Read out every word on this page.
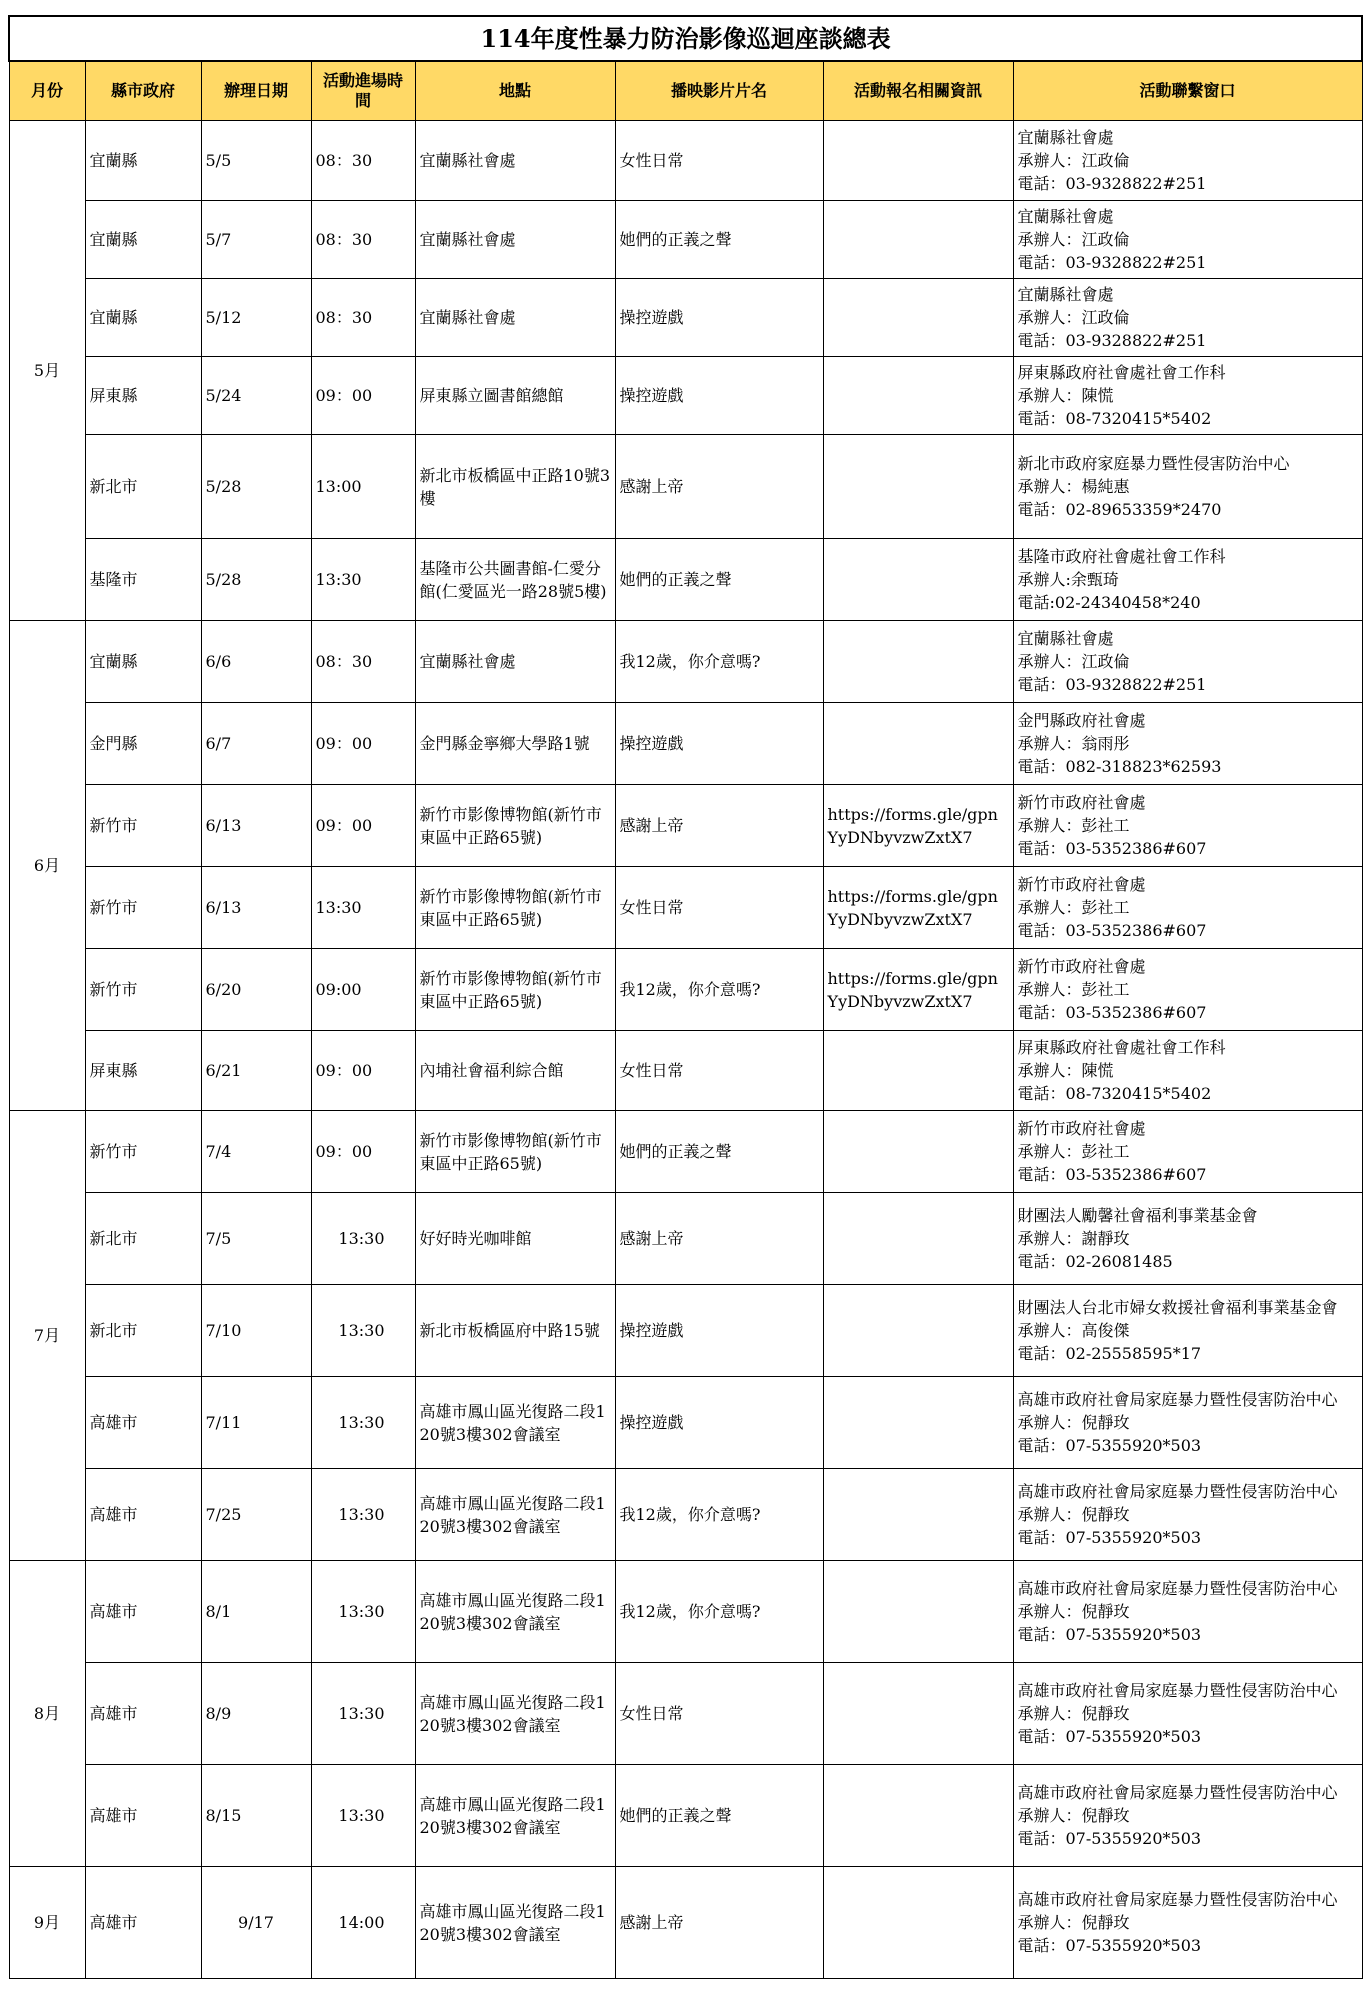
114年度性暴力防治影像巡迴座談總表							
月份	縣市政府	辦理日期	活動進場時間	地點	播映影片片名	活動報名相關資訊	活動聯繫窗口
5月	宜蘭縣	5/5	08：30	宜蘭縣社會處	女性日常		宜蘭縣社會處
承辦人：江政倫
電話：03-9328822#251

	宜蘭縣	5/7	08：30	宜蘭縣社會處	她們的正義之聲		宜蘭縣社會處
承辦人：江政倫
電話：03-9328822#251

	宜蘭縣	5/12	08：30	宜蘭縣社會處	操控遊戲		宜蘭縣社會處
承辦人：江政倫
電話：03-9328822#251

	屏東縣	5/24	09：00	屏東縣立圖書館總館	操控遊戲		屏東縣政府社會處社會工作科
承辦人：陳慌
電話：08-7320415*5402

	新北市	5/28	13:00	新北市板橋區中正路10號3樓	感謝上帝		新北市政府家庭暴力暨性侵害防治中心
承辦人：楊純惠
電話：02-89653359*2470

	基隆市	5/28	13:30	基隆市公共圖書館-仁愛分館(仁愛區光一路28號5樓)	她們的正義之聲		基隆市政府社會處社會工作科
承辦人:余甄琦
電話:02-24340458*240

6月	宜蘭縣	6/6	08：30	宜蘭縣社會處	我12歲，你介意嗎?		宜蘭縣社會處
承辦人：江政倫
電話：03-9328822#251

	金門縣	6/7	09：00	金門縣金寧鄉大學路1號	操控遊戲		金門縣政府社會處
承辦人：翁雨彤
電話：082-318823*62593

	新竹市	6/13	09：00	新竹市影像博物館(新竹市東區中正路65號)	感謝上帝	https://forms.gle/gpnYyDNbyvzwZxtX7	新竹市政府社會處
承辦人：彭社工
電話：03-5352386#607

	新竹市	6/13	13:30	新竹市影像博物館(新竹市東區中正路65號)	女性日常	https://forms.gle/gpnYyDNbyvzwZxtX7	新竹市政府社會處
承辦人：彭社工
電話：03-5352386#607

	新竹市	6/20	09:00	新竹市影像博物館(新竹市東區中正路65號)	我12歲，你介意嗎?	https://forms.gle/gpnYyDNbyvzwZxtX7	新竹市政府社會處
承辦人：彭社工
電話：03-5352386#607

	屏東縣	6/21	09：00	內埔社會福利綜合館	女性日常		屏東縣政府社會處社會工作科
承辦人：陳慌
電話：08-7320415*5402

7月	新竹市	7/4	09：00	新竹市影像博物館(新竹市東區中正路65號)	她們的正義之聲		新竹市政府社會處
承辦人：彭社工
電話：03-5352386#607

	新北市	7/5	13:30	好好時光咖啡館	感謝上帝		財團法人勵馨社會福利事業基金會
承辦人：謝靜玫
電話：02-26081485

	新北市	7/10	13:30	新北市板橋區府中路15號	操控遊戲		財團法人台北市婦女救援社會福利事業基金會
承辦人：高俊傑
電話：02-25558595*17

	高雄市	7/11	13:30	高雄市鳳山區光復路二段120號3樓302會議室	操控遊戲		高雄市政府社會局家庭暴力暨性侵害防治中心
承辦人：倪靜玫
電話：07-5355920*503

	高雄市	7/25	13:30	高雄市鳳山區光復路二段120號3樓302會議室	我12歲，你介意嗎?		高雄市政府社會局家庭暴力暨性侵害防治中心
承辦人：倪靜玫
電話：07-5355920*503

8月	高雄市	8/1	13:30	高雄市鳳山區光復路二段120號3樓302會議室	我12歲，你介意嗎?		高雄市政府社會局家庭暴力暨性侵害防治中心
承辦人：倪靜玫
電話：07-5355920*503

	高雄市	8/9	13:30	高雄市鳳山區光復路二段120號3樓302會議室	女性日常		高雄市政府社會局家庭暴力暨性侵害防治中心
承辦人：倪靜玫
電話：07-5355920*503

	高雄市	8/15	13:30	高雄市鳳山區光復路二段120號3樓302會議室	她們的正義之聲		高雄市政府社會局家庭暴力暨性侵害防治中心
承辦人：倪靜玫
電話：07-5355920*503

9月	高雄市	9/17	14:00	高雄市鳳山區光復路二段120號3樓302會議室	感謝上帝		高雄市政府社會局家庭暴力暨性侵害防治中心
承辦人：倪靜玫
電話：07-5355920*503
